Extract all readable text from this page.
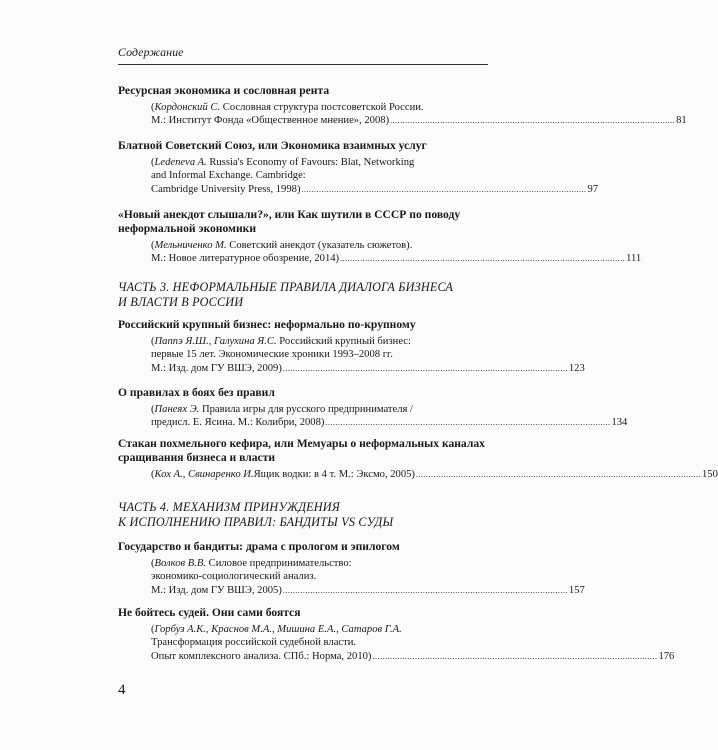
Содержание
Ресурсная экономика и сословная рента
(Кордонский С. Сословная структура постсоветской России.
М.: Институт Фонда «Общественное мнение», 2008) .................................................................................................................. 81
Блатной Советский Союз, или Экономика взаимных услуг
(Ledeneva A. Russia's Economy of Favours: Blat, Networking
and Informal Exchange. Cambridge:
Cambridge University Press, 1998) .................................................................................................................. 97
«Новый анекдот слышали?», или Как шутили в СССР по поводу неформальной экономики
(Мельниченко М. Советский анекдот (указатель сюжетов).
М.: Новое литературное обозрение, 2014) .................................................................................................................. 111
ЧАСТЬ 3. НЕФОРМАЛЬНЫЕ ПРАВИЛА ДИАЛОГА БИЗНЕСА
И ВЛАСТИ В РОССИИ
Российский крупный бизнес: неформально по-крупному
(Паппэ Я.Ш., Галухина Я.С. Российский крупный бизнес:
первые 15 лет. Экономические хроники 1993–2008 гг.
М.: Изд. дом ГУ ВШЭ, 2009) .................................................................................................................. 123
О правилах в боях без правил
(Панеях Э. Правила игры для русского предпринимателя /
предисл. Е. Ясина. М.: Колибри, 2008) .................................................................................................................. 134
Стакан похмельного кефира, или Мемуары о неформальных каналах сращивания бизнеса и власти
( Кох А., Свинаренко И. Ящик водки: в 4 т. М.: Эксмо, 2005) .................................................................................................................. 150
ЧАСТЬ 4. МЕХАНИЗМ ПРИНУЖДЕНИЯ
К ИСПОЛНЕНИЮ ПРАВИЛ: БАНДИТЫ VS СУДЫ
Государство и бандиты: драма с прологом и эпилогом
(Волков В.В. Силовое предпринимательство:
экономико-социологический анализ.
М.: Изд. дом ГУ ВШЭ, 2005) .................................................................................................................. 157
Не бойтесь судей. Они сами боятся
(Горбуз А.К., Краснов М.А., Мишина Е.А., Сатаров Г.А.
Трансформация российской судебной власти.
Опыт комплексного анализа. СПб.: Норма, 2010) .................................................................................................................. 176
4
